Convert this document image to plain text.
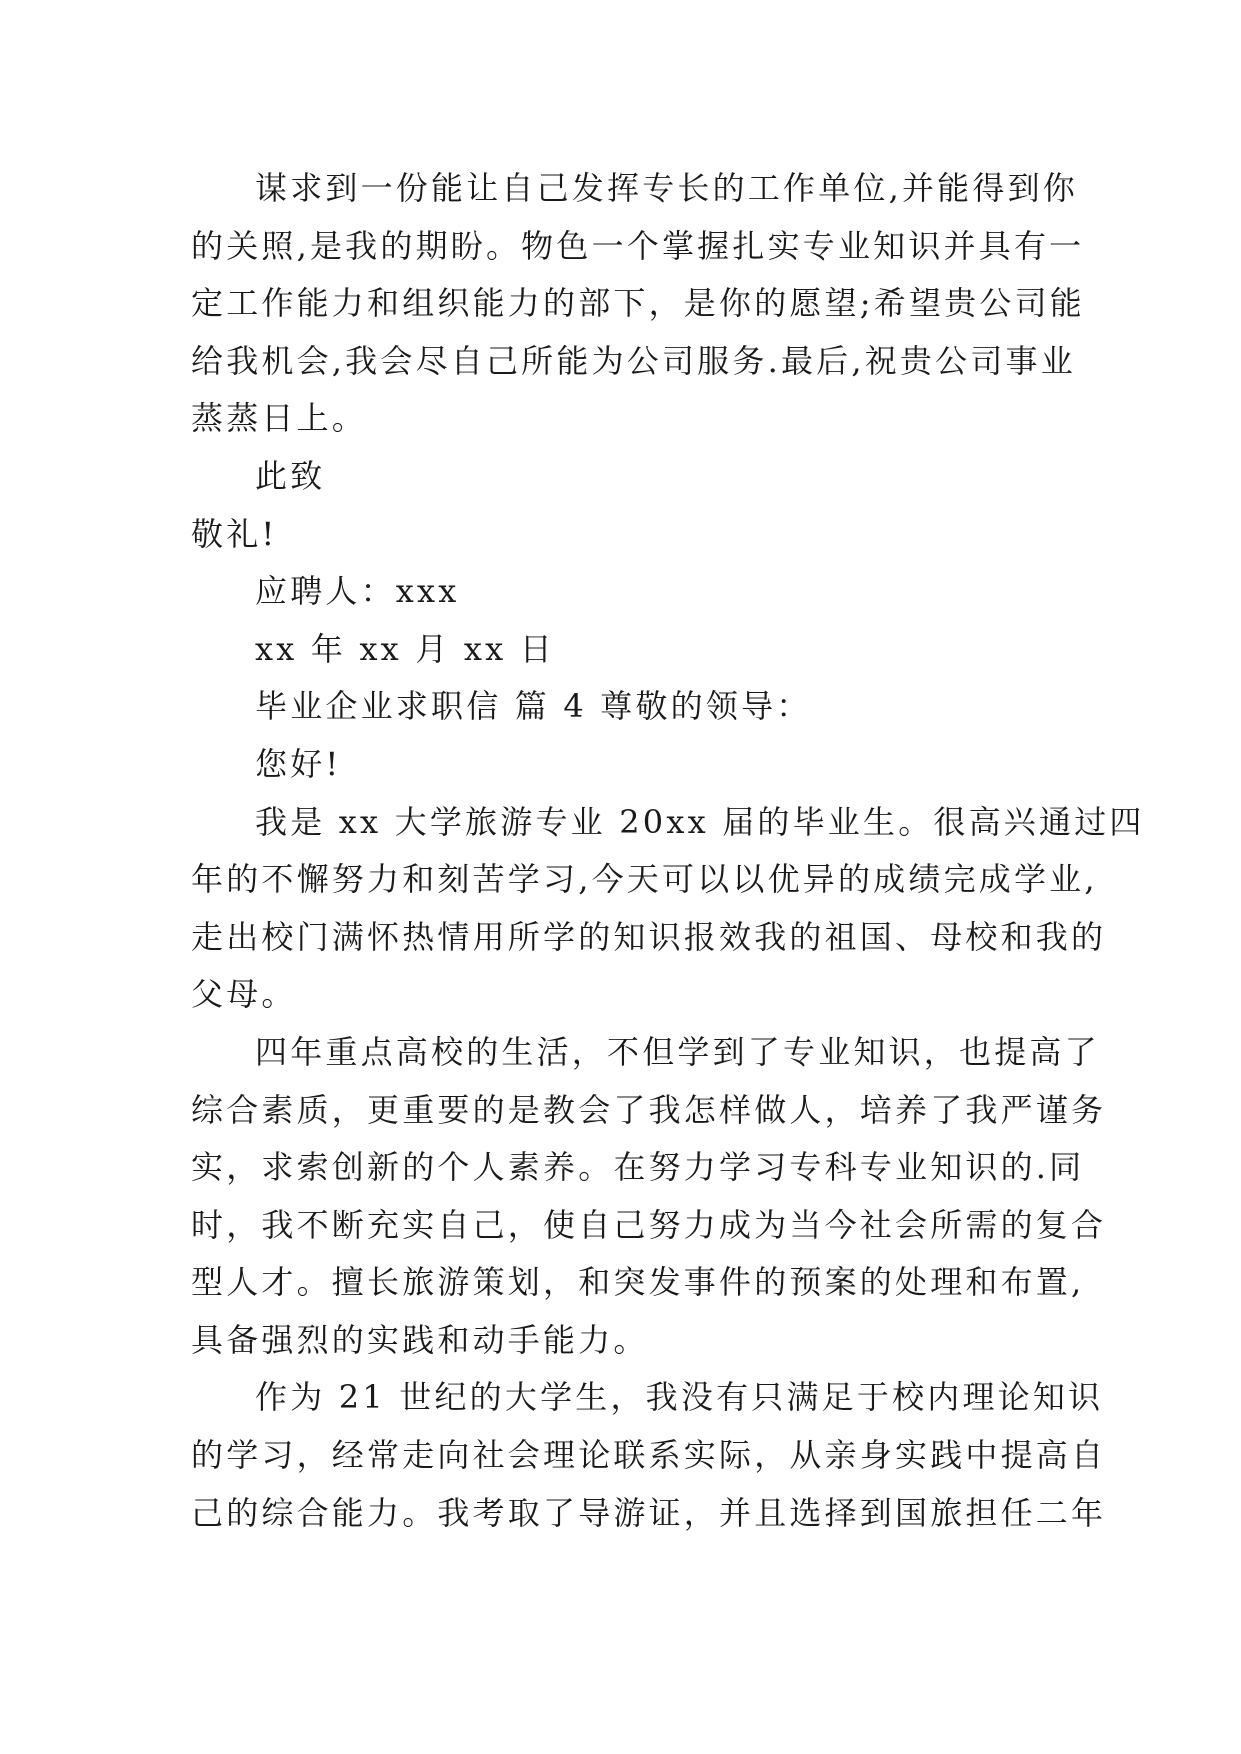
谋求到一份能让自己发挥专长的工作单位,并能得到你
的关照,是我的期盼。物色一个掌握扎实专业知识并具有一
定工作能力和组织能力的部下，是你的愿望;希望贵公司能
给我机会,我会尽自己所能为公司服务.最后,祝贵公司事业
蒸蒸日上。
此致
敬礼!
应聘人：xxx
xx 年 xx 月 xx 日
毕业企业求职信 篇 4 尊敬的领导：
您好!
我是 xx 大学旅游专业 20xx 届的毕业生。很高兴通过四
年的不懈努力和刻苦学习,今天可以以优异的成绩完成学业,
走出校门满怀热情用所学的知识报效我的祖国、母校和我的
父母。
四年重点高校的生活，不但学到了专业知识，也提高了
综合素质，更重要的是教会了我怎样做人，培养了我严谨务
实，求索创新的个人素养。在努力学习专科专业知识的.同
时，我不断充实自己，使自己努力成为当今社会所需的复合
型人才。擅长旅游策划，和突发事件的预案的处理和布置,
具备强烈的实践和动手能力。
作为 21 世纪的大学生，我没有只满足于校内理论知识
的学习，经常走向社会理论联系实际，从亲身实践中提高自
己的综合能力。我考取了导游证，并且选择到国旅担任二年
